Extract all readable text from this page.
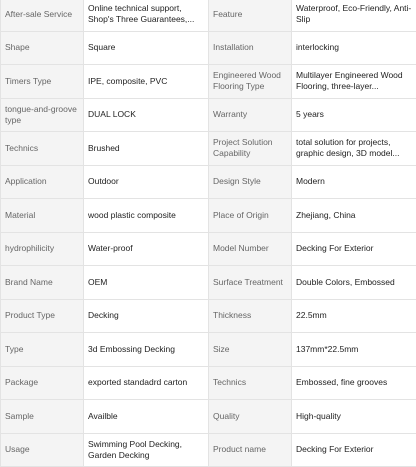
After-sale Service	Online technical support, Shop's Three Guarantees,...	Feature	Waterproof, Eco-Friendly, Anti-Slip

Shape	Square	Installation	interlocking

Timers Type	IPE, composite, PVC	Engineered Wood Flooring Type	Multilayer Engineered Wood Flooring, three-layer...

tongue-and-groove type	DUAL LOCK	Warranty	5 years

Technics	Brushed	Project Solution Capability	total solution for projects, graphic design, 3D model...

Application	Outdoor	Design Style	Modern

Material	wood plastic composite	Place of Origin	Zhejiang, China

hydrophilicity	Water-proof	Model Number	Decking For Exterior

Brand Name	OEM	Surface Treatment	Double Colors, Embossed

Product Type	Decking	Thickness	22.5mm

Type	3d Embossing Decking	Size	137mm*22.5mm

Package	exported standadrd carton	Technics	Embossed, fine grooves

Sample	Availble	Quality	High-quality

Usage	Swimming Pool Decking, Garden Decking	Product name	Decking For Exterior
